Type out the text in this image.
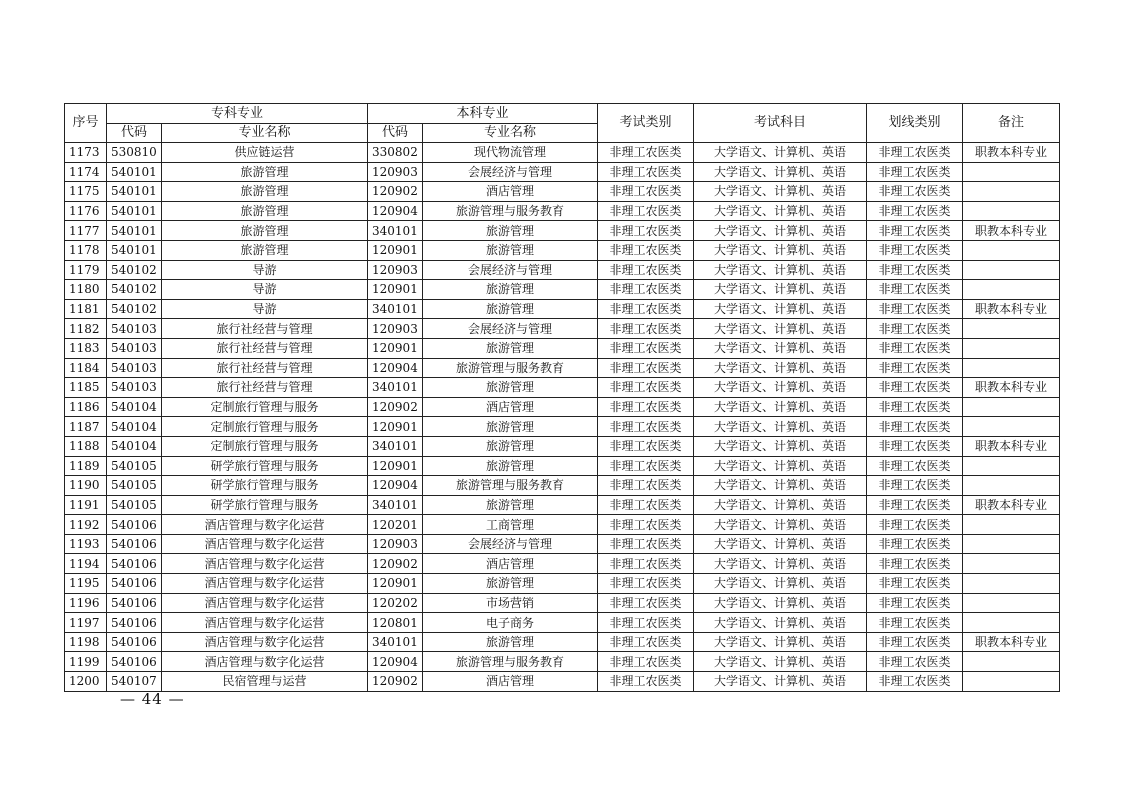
序号	专科专业		本科专业		考试类别	考试科目	划线类别	备注
	代码	专业名称	代码	专业名称				
1173	530810	供应链运营	330802	现代物流管理	非理工农医类	大学语文、计算机、英语	非理工农医类	职教本科专业
1174	540101	旅游管理	120903	会展经济与管理	非理工农医类	大学语文、计算机、英语	非理工农医类	
1175	540101	旅游管理	120902	酒店管理	非理工农医类	大学语文、计算机、英语	非理工农医类	
1176	540101	旅游管理	120904	旅游管理与服务教育	非理工农医类	大学语文、计算机、英语	非理工农医类	
1177	540101	旅游管理	340101	旅游管理	非理工农医类	大学语文、计算机、英语	非理工农医类	职教本科专业
1178	540101	旅游管理	120901	旅游管理	非理工农医类	大学语文、计算机、英语	非理工农医类	
1179	540102	导游	120903	会展经济与管理	非理工农医类	大学语文、计算机、英语	非理工农医类	
1180	540102	导游	120901	旅游管理	非理工农医类	大学语文、计算机、英语	非理工农医类	
1181	540102	导游	340101	旅游管理	非理工农医类	大学语文、计算机、英语	非理工农医类	职教本科专业
1182	540103	旅行社经营与管理	120903	会展经济与管理	非理工农医类	大学语文、计算机、英语	非理工农医类	
1183	540103	旅行社经营与管理	120901	旅游管理	非理工农医类	大学语文、计算机、英语	非理工农医类	
1184	540103	旅行社经营与管理	120904	旅游管理与服务教育	非理工农医类	大学语文、计算机、英语	非理工农医类	
1185	540103	旅行社经营与管理	340101	旅游管理	非理工农医类	大学语文、计算机、英语	非理工农医类	职教本科专业
1186	540104	定制旅行管理与服务	120902	酒店管理	非理工农医类	大学语文、计算机、英语	非理工农医类	
1187	540104	定制旅行管理与服务	120901	旅游管理	非理工农医类	大学语文、计算机、英语	非理工农医类	
1188	540104	定制旅行管理与服务	340101	旅游管理	非理工农医类	大学语文、计算机、英语	非理工农医类	职教本科专业
1189	540105	研学旅行管理与服务	120901	旅游管理	非理工农医类	大学语文、计算机、英语	非理工农医类	
1190	540105	研学旅行管理与服务	120904	旅游管理与服务教育	非理工农医类	大学语文、计算机、英语	非理工农医类	
1191	540105	研学旅行管理与服务	340101	旅游管理	非理工农医类	大学语文、计算机、英语	非理工农医类	职教本科专业
1192	540106	酒店管理与数字化运营	120201	工商管理	非理工农医类	大学语文、计算机、英语	非理工农医类	
1193	540106	酒店管理与数字化运营	120903	会展经济与管理	非理工农医类	大学语文、计算机、英语	非理工农医类	
1194	540106	酒店管理与数字化运营	120902	酒店管理	非理工农医类	大学语文、计算机、英语	非理工农医类	
1195	540106	酒店管理与数字化运营	120901	旅游管理	非理工农医类	大学语文、计算机、英语	非理工农医类	
1196	540106	酒店管理与数字化运营	120202	市场营销	非理工农医类	大学语文、计算机、英语	非理工农医类	
1197	540106	酒店管理与数字化运营	120801	电子商务	非理工农医类	大学语文、计算机、英语	非理工农医类	
1198	540106	酒店管理与数字化运营	340101	旅游管理	非理工农医类	大学语文、计算机、英语	非理工农医类	职教本科专业
1199	540106	酒店管理与数字化运营	120904	旅游管理与服务教育	非理工农医类	大学语文、计算机、英语	非理工农医类	
1200	540107	民宿管理与运营	120902	酒店管理	非理工农医类	大学语文、计算机、英语	非理工农医类	
— 44 —
